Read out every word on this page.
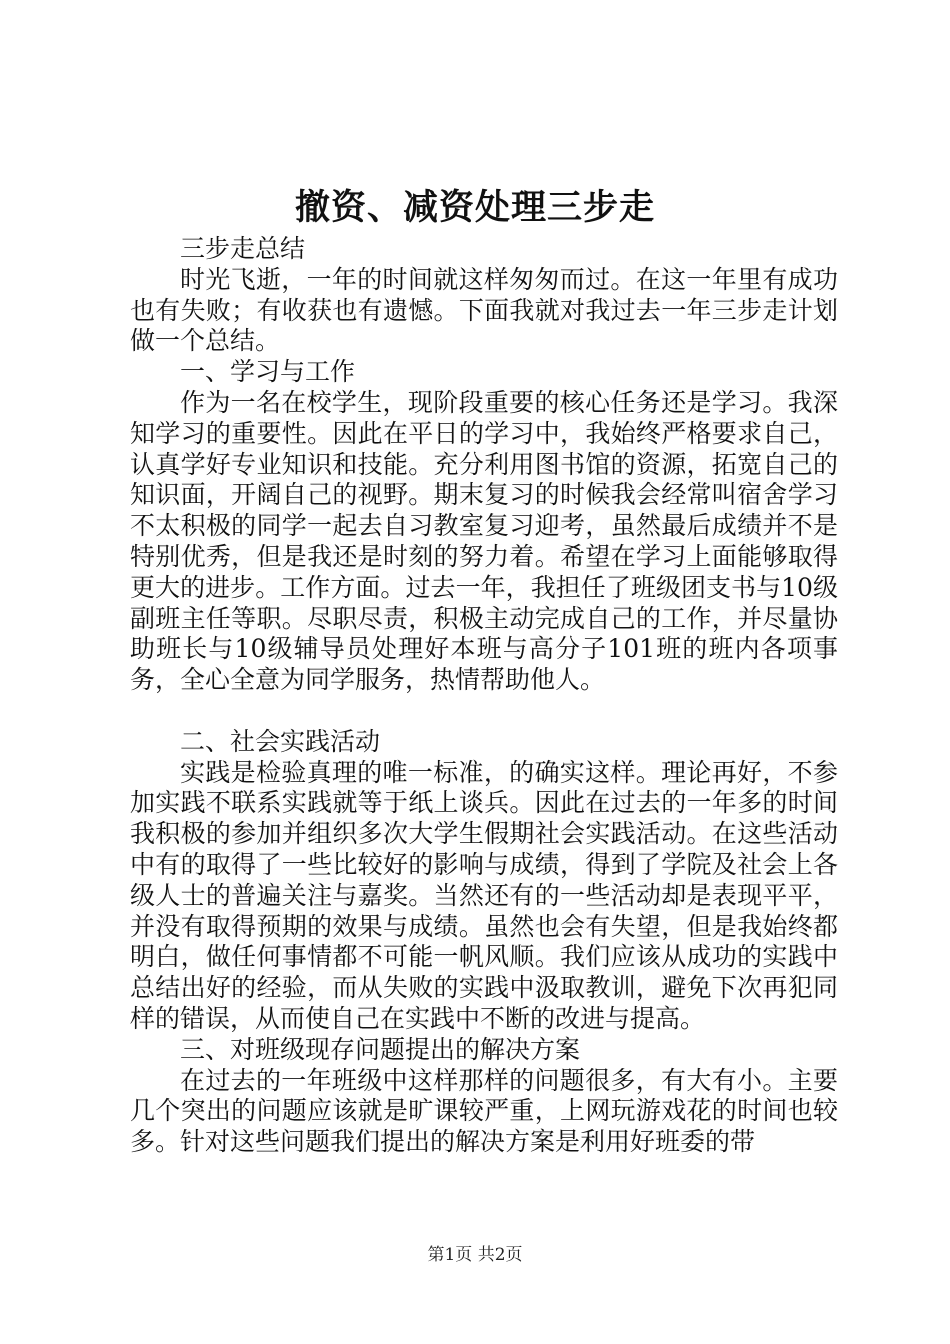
撤资、减资处理三步走

三步走总结

时光飞逝，一年的时间就这样匆匆而过。在这一年里有成功也有失败；有收获也有遗憾。下面我就对我过去一年三步走计划做一个总结。

一、学习与工作

作为一名在校学生，现阶段重要的核心任务还是学习。我深知学习的重要性。因此在平日的学习中，我始终严格要求自己，认真学好专业知识和技能。充分利用图书馆的资源，拓宽自己的知识面，开阔自己的视野。期末复习的时候我会经常叫宿舍学习不太积极的同学一起去自习教室复习迎考，虽然最后成绩并不是特别优秀，但是我还是时刻的努力着。希望在学习上面能够取得更大的进步。工作方面。过去一年，我担任了班级团支书与10级副班主任等职。尽职尽责，积极主动完成自己的工作，并尽量协助班长与10级辅导员处理好本班与高分子101班的班内各项事务，全心全意为同学服务，热情帮助他人。

二、社会实践活动

实践是检验真理的唯一标准，的确实这样。理论再好，不参加实践不联系实践就等于纸上谈兵。因此在过去的一年多的时间我积极的参加并组织多次大学生假期社会实践活动。在这些活动中有的取得了一些比较好的影响与成绩，得到了学院及社会上各级人士的普遍关注与嘉奖。当然还有的一些活动却是表现平平，并没有取得预期的效果与成绩。虽然也会有失望，但是我始终都明白，做任何事情都不可能一帆风顺。我们应该从成功的实践中总结出好的经验，而从失败的实践中汲取教训，避免下次再犯同样的错误，从而使自己在实践中不断的改进与提高。

三、对班级现存问题提出的解决方案

在过去的一年班级中这样那样的问题很多，有大有小。主要几个突出的问题应该就是旷课较严重，上网玩游戏花的时间也较多。针对这些问题我们提出的解决方案是利用好班委的带

第1页 共2页
